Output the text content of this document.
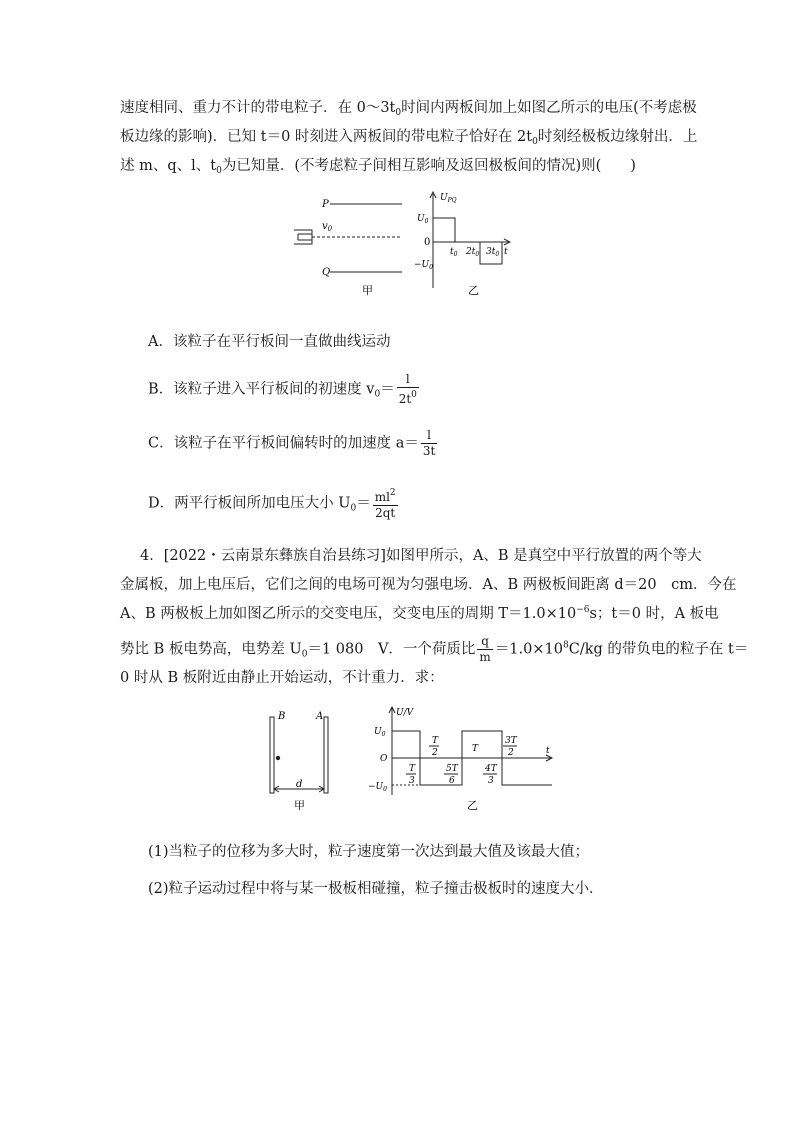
速度相同、重力不计的带电粒子．在 $0\sim 3t_0$时间内两板间加上如图乙所示的电压(不考虑极
板边缘的影响)．已知 t＝0 时刻进入两板间的带电粒子恰好在 $2t_0$时刻经极板边缘射出．上
述 m、q、l、$t_0$为已知量．(不考虑粒子间相互影响及返回极板间的情况)则(　　)
P
Q
$v_0$
甲
$U_{PQ}$
$U_0$
0
$-U_0$
$t_0$ $2t_0$ $3t_0$ t
乙
A．该粒子在平行板间一直做曲线运动
B．该粒子进入平行板间的初速度 $v_0= \frac{l}{2t^0}$
C．该粒子在平行板间偏转时的加速度 $a= \frac{l}{3t}$
D．两平行板间所加电压大小 $U_0= \frac{ml^2}{2qt}$
4．[2022・云南景东彝族自治县练习]如图甲所示，A、B 是真空中平行放置的两个等大
金属板，加上电压后，它们之间的电场可视为匀强电场．A、B 两极板间距离 d＝20　cm．今在
A、B 两极板上加如图乙所示的交变电压，交变电压的周期 $T=1.0\times 10^{-6}s$；t＝0 时，A 板电
势比 B 板电势高，电势差 $U_0=1$ 080　V．一个荷质比 $\frac{q}{m} =1.0\times 10^8C/kg$ 的带负电的粒子在 t＝
0 时从 B 板附近由静止开始运动，不计重力．求：
B	A
d
甲
U/V
$U_0$
O
$-U_0$
t
T
3
T
2
5T
6
T
4T
3
3T
2
乙
(1)当粒子的位移为多大时，粒子速度第一次达到最大值及该最大值；
(2)粒子运动过程中将与某一极板相碰撞，粒子撞击极板时的速度大小．
